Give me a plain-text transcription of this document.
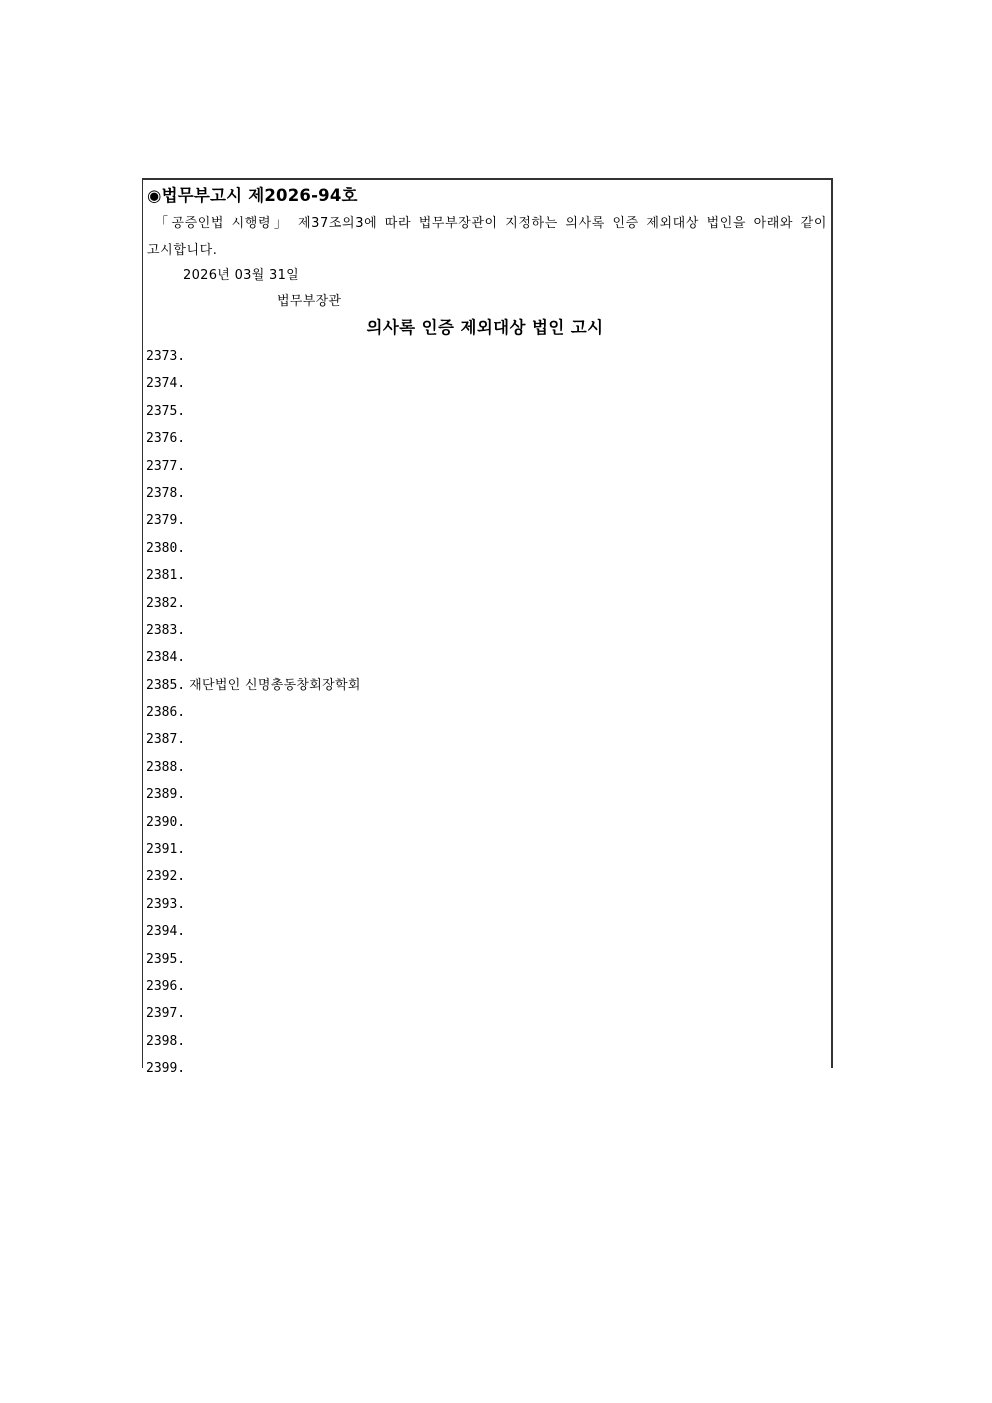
◉법무부고시 제2026-94호
「공증인법 시행령」 제37조의3에 따라 법무부장관이 지정하는 의사록 인증 제외대상 법인을 아래와 같이 고시합니다.
2026년 03월 31일
법무부장관
의사록 인증 제외대상 법인 고시
2373.
2374.
2375.
2376.
2377.
2378.
2379.
2380.
2381.
2382.
2383.
2384.
2385. 재단법인 신명총동창회장학회
2386.
2387.
2388.
2389.
2390.
2391.
2392.
2393.
2394.
2395.
2396.
2397.
2398.
2399.
